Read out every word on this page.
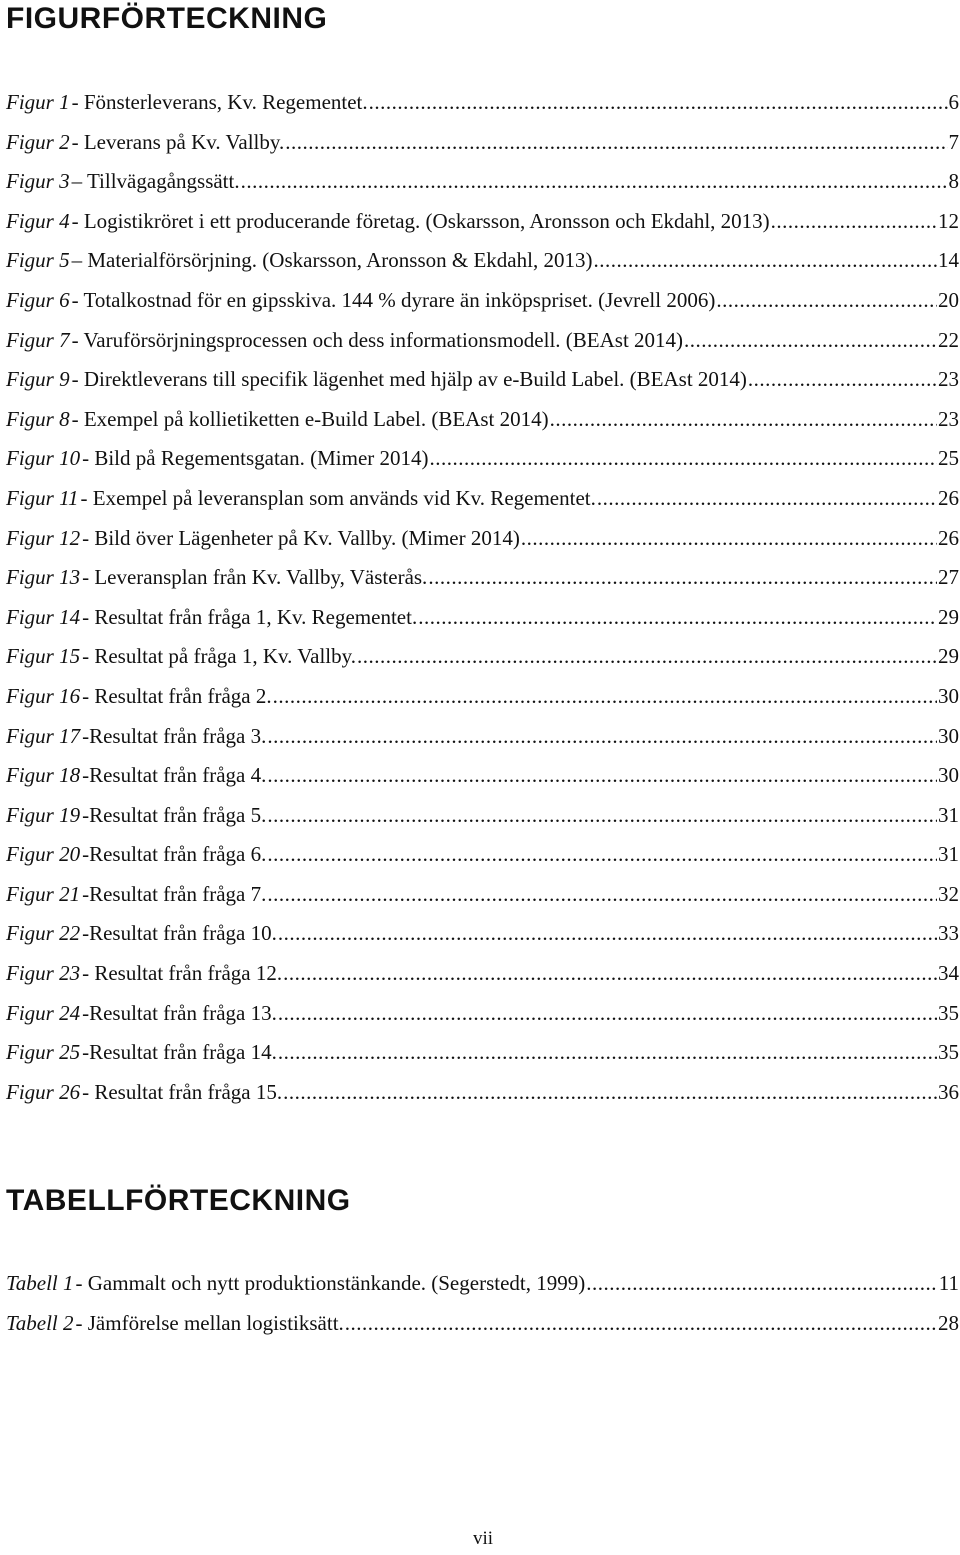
FIGURFÖRTECKNING
Figur 1 - Fönsterleverans, Kv. Regementet. .....	6
Figur 2 - Leverans på Kv. Vallby. .....	7
Figur 3 – Tillvägagångssätt. .....	8
Figur 4 - Logistikröret i ett producerande företag. (Oskarsson, Aronsson och Ekdahl, 2013) .....	12
Figur 5 – Materialförsörjning. (Oskarsson, Aronsson & Ekdahl, 2013) .....	14
Figur 6 - Totalkostnad för en gipsskiva. 144 % dyrare än inköpspriset. (Jevrell 2006) .....	20
Figur 7 - Varuförsörjningsprocessen och dess informationsmodell. (BEAst 2014) .....	22
Figur 9 - Direktleverans till specifik lägenhet med hjälp av e-Build Label. (BEAst 2014) .....	23
Figur 8 - Exempel på kollietiketten e-Build Label. (BEAst 2014) .....	23
Figur 10 - Bild på Regementsgatan. (Mimer 2014) .....	25
Figur 11 - Exempel på leveransplan som används vid Kv. Regementet. .....	26
Figur 12 - Bild över Lägenheter på Kv. Vallby. (Mimer 2014) .....	26
Figur 13 - Leveransplan från Kv. Vallby, Västerås. .....	27
Figur 14 - Resultat från fråga 1, Kv. Regementet. .....	29
Figur 15 - Resultat på fråga 1, Kv. Vallby. .....	29
Figur 16 - Resultat från fråga 2. .....	30
Figur 17 -Resultat från fråga 3. .....	30
Figur 18 -Resultat från fråga 4. .....	30
Figur 19 -Resultat från fråga 5. .....	31
Figur 20 -Resultat från fråga 6. .....	31
Figur 21 -Resultat från fråga 7. .....	32
Figur 22 -Resultat från fråga 10. .....	33
Figur 23 - Resultat från fråga 12. .....	34
Figur 24 -Resultat från fråga 13. .....	35
Figur 25 -Resultat från fråga 14. .....	35
Figur 26 - Resultat från fråga 15. .....	36
TABELLFÖRTECKNING
Tabell 1 - Gammalt och nytt produktionstänkande. (Segerstedt, 1999) .....	11
Tabell 2 - Jämförelse mellan logistiksätt. .....	28
vii
